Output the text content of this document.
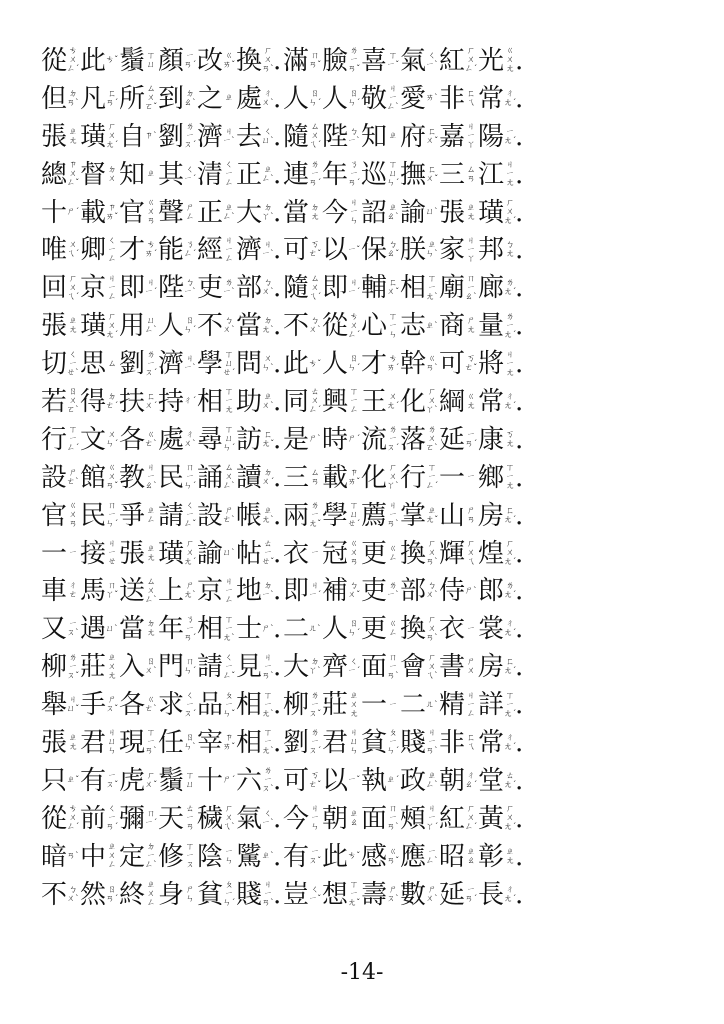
從 ㄘ
ㄨ
ㄥˊ 此 ㄘˇ 鬚 ㄒ
ㄩ 顏 ㄧ
ㄢˊ 改 ㄍ
ㄞˇ 換 ㄏ
ㄨ
ㄢˋ
. 滿 ㄇ
ㄢˇ 臉 ㄌ
ㄧ
ㄢˇ 喜 ㄒ
ㄧˇ 氣 ㄑ
ㄧˋ 紅 ㄏ
ㄨ
ㄥˊ 光 ㄍ
ㄨ
ㄤ .
但 ㄉ
ㄢˋ 凡 ㄈ
ㄢˊ 所 ㄙ
ㄨ
ㄛˇ 到 ㄉ
ㄠˋ 之 ㄓ 處 ㄔ
ㄨˋ
. 人 ㄖ
ㄣˊ 人 ㄖ
ㄣˊ 敬 ㄐ
ㄧ
ㄥˋ 愛 ㄞˋ 非 ㄈ
ㄟ 常 ㄔ
ㄤˊ
.
張 ㄓ
ㄤ 璜 ㄏ
ㄨ
ㄤˊ 自 ㄗˋ 劉 ㄌ
ㄧ
ㄡˊ 濟 ㄐ
ㄧˋ 去 ㄑ
ㄩˋ
. 隨 ㄙ
ㄨ
ㄟˊ 陛 ㄅ
ㄧˋ 知 ㄓ 府 ㄈ
ㄨˇ 嘉 ㄐ
ㄧ
ㄚ 陽 ㄧ
ㄤˊ
.
總 ㄗ
ㄨ
ㄥˇ 督 ㄉ
ㄨ 知 ㄓ 其 ㄑ
ㄧˊ 清 ㄑ
ㄧ
ㄥ 正 ㄓ
ㄥˋ
. 連 ㄌ
ㄧ
ㄢˊ 年 ㄋ
ㄧ
ㄢˊ 巡 ㄒ
ㄩ
ㄣˊ 撫 ㄈ
ㄨˇ 三 ㄙ
ㄢ 江 ㄐ
ㄧ
ㄤ .
十 ㄕˊ 載 ㄗ
ㄞˇ 官 ㄍ
ㄨ
ㄢ 聲 ㄕ
ㄥ 正 ㄓ
ㄥˋ 大 ㄉ
ㄚˋ
. 當 ㄉ
ㄤ 今 ㄐ
ㄧ
ㄣ 詔 ㄓ
ㄠˋ 諭 ㄩˋ 張 ㄓ
ㄤ 璜 ㄏ
ㄨ
ㄤˊ
.
唯 ㄨ
ㄟˊ 卿 ㄑ
ㄧ
ㄥ 才 ㄘ
ㄞˊ 能 ㄋ
ㄥˊ 經 ㄐ
ㄧ
ㄥ 濟 ㄐ
ㄧˋ
. 可 ㄎ
ㄜˇ 以 ㄧˇ 保 ㄅ
ㄠˇ 朕 ㄓ
ㄣˋ 家 ㄐ
ㄧ
ㄚ 邦 ㄅ
ㄤ .
回 ㄏ
ㄨ
ㄟˊ 京 ㄐ
ㄧ
ㄥ 即 ㄐ
ㄧˊ 陛 ㄅ
ㄧˋ 吏 ㄌ
ㄧˋ 部 ㄅ
ㄨˋ
. 隨 ㄙ
ㄨ
ㄟˊ 即 ㄐ
ㄧˊ 輔 ㄈ
ㄨˇ 相 ㄒ
ㄧ
ㄤˋ 廟 ㄇ
ㄧ
ㄠˋ 廊 ㄌ
ㄤˊ
.
張 ㄓ
ㄤ 璜 ㄏ
ㄨ
ㄤˊ 用 ㄩ
ㄥˋ 人 ㄖ
ㄣˊ 不 ㄅ
ㄨˋ 當 ㄉ
ㄤˋ
. 不 ㄅ
ㄨˋ 從 ㄘ
ㄨ
ㄥˊ 心 ㄒ
ㄧ
ㄣ 志 ㄓˋ 商 ㄕ
ㄤ 量 ㄌ
ㄧ
ㄤˊ
.
切 ㄑ
ㄧ
ㄝˋ 思 ㄙ 劉 ㄌ
ㄧ
ㄡˊ 濟 ㄐ
ㄧˋ 學 ㄒ
ㄩ
ㄝˊ 問 ㄨ
ㄣˋ
. 此 ㄘˇ 人 ㄖ
ㄣˊ 才 ㄘ
ㄞˊ 幹 ㄍ
ㄢˋ 可 ㄎ
ㄜˇ 將 ㄐ
ㄧ
ㄤ .
若 ㄖ
ㄨ
ㄛˋ 得 ㄉ
ㄜˊ 扶 ㄈ
ㄨˊ 持 ㄔˊ 相 ㄒ
ㄧ
ㄤ 助 ㄓ
ㄨˋ
. 同 ㄊ
ㄨ
ㄥˊ 興 ㄒ
ㄧ
ㄥ 王 ㄨ
ㄤˊ 化 ㄏ
ㄨ
ㄚˋ 綱 ㄍ
ㄤ 常 ㄔ
ㄤˊ
.
行 ㄒ
ㄧ
ㄥˊ 文 ㄨ
ㄣˊ 各 ㄍ
ㄜˋ 處 ㄔ
ㄨˋ 尋 ㄒ
ㄩ
ㄣˊ 訪 ㄈ
ㄤˇ
. 是 ㄕˋ 時 ㄕˊ 流 ㄌ
ㄧ
ㄡˊ 落 ㄌ
ㄨ
ㄛˋ 延 ㄧ
ㄢˊ 康 ㄎ
ㄤ .
設 ㄕ
ㄜˋ 館 ㄍ
ㄨ
ㄢˇ 教 ㄐ
ㄧ
ㄠˋ 民 ㄇ
ㄧ
ㄣˊ 誦 ㄙ
ㄨ
ㄥˋ 讀 ㄉ
ㄨˊ
. 三 ㄙ
ㄢ 載 ㄗ
ㄞˇ 化 ㄏ
ㄨ
ㄚˋ 行 ㄒ
ㄧ
ㄥˊ 一 ㄧ 鄉 ㄒ
ㄧ
ㄤ .
官 ㄍ
ㄨ
ㄢ 民 ㄇ
ㄧ
ㄣˊ 爭 ㄓ
ㄥ 請 ㄑ
ㄧ
ㄥˇ 設 ㄕ
ㄜˋ 帳 ㄓ
ㄤˋ
. 兩 ㄌ
ㄧ
ㄤˇ 學 ㄒ
ㄩ
ㄝˊ 薦 ㄐ
ㄧ
ㄢˋ 掌 ㄓ
ㄤˇ 山 ㄕ
ㄢ 房 ㄈ
ㄤˊ
.
一 ㄧ 接 ㄐ
ㄧ
ㄝ 張 ㄓ
ㄤ 璜 ㄏ
ㄨ
ㄤˊ 諭 ㄩˋ 帖 ㄊ
ㄧ
ㄝˇ
. 衣 ㄧ 冠 ㄍ
ㄨ
ㄢ 更 ㄍ
ㄥ 換 ㄏ
ㄨ
ㄢˋ 輝 ㄏ
ㄨ
ㄟ 煌 ㄏ
ㄨ
ㄤˊ
.
車 ㄔ
ㄜ 馬 ㄇ
ㄚˇ 送 ㄙ
ㄨ
ㄥˋ 上 ㄕ
ㄤˋ 京 ㄐ
ㄧ
ㄥ 地 ㄉ
ㄧˋ
. 即 ㄐ
ㄧˊ 補 ㄅ
ㄨˇ 吏 ㄌ
ㄧˋ 部 ㄅ
ㄨˋ 侍 ㄕˋ 郎 ㄌ
ㄤˊ
.
又 ㄧ
ㄡˋ 遇 ㄩˋ 當 ㄉ
ㄤ 年 ㄋ
ㄧ
ㄢˊ 相 ㄒ
ㄧ
ㄤˋ 士 ㄕˋ
. 二 ㄦˋ 人 ㄖ
ㄣˊ 更 ㄍ
ㄥ 換 ㄏ
ㄨ
ㄢˋ 衣 ㄧ 裳 ㄔ
ㄤˊ
.
柳 ㄌ
ㄧ
ㄡˇ 莊 ㄓ
ㄨ
ㄤ 入 ㄖ
ㄨˋ 門 ㄇ
ㄣˊ 請 ㄑ
ㄧ
ㄥˇ 見 ㄐ
ㄧ
ㄢˋ
. 大 ㄉ
ㄚˋ 齊 ㄑ
ㄧˊ 面 ㄇ
ㄧ
ㄢˋ 會 ㄏ
ㄨ
ㄟˋ 書 ㄕ
ㄨ 房 ㄈ
ㄤˊ
.
舉 ㄐ
ㄩˇ 手 ㄕ
ㄡˇ 各 ㄍ
ㄜˋ 求 ㄑ
ㄧ
ㄡˊ 品 ㄆ
ㄧ
ㄣˇ 相 ㄒ
ㄧ
ㄤˋ
. 柳 ㄌ
ㄧ
ㄡˇ 莊 ㄓ
ㄨ
ㄤ 一 ㄧ 二 ㄦˋ 精 ㄐ
ㄧ
ㄥ 詳 ㄒ
ㄧ
ㄤˊ
.
張 ㄓ
ㄤ 君 ㄐ
ㄩ
ㄣ 現 ㄒ
ㄧ
ㄢˋ 任 ㄖ
ㄣˋ 宰 ㄗ
ㄞˇ 相 ㄒ
ㄧ
ㄤˋ
. 劉 ㄌ
ㄧ
ㄡˊ 君 ㄐ
ㄩ
ㄣ 貧 ㄆ
ㄧ
ㄣˊ 賤 ㄐ
ㄧ
ㄢˋ 非 ㄈ
ㄟ 常 ㄔ
ㄤˊ
.
只 ㄓˇ 有 ㄧ
ㄡˇ 虎 ㄏ
ㄨˇ 鬚 ㄒ
ㄩ 十 ㄕˊ 六 ㄌ
ㄧ
ㄡˋ
. 可 ㄎ
ㄜˇ 以 ㄧˇ 執 ㄓˊ 政 ㄓ
ㄥˋ 朝 ㄔ
ㄠˊ 堂 ㄊ
ㄤˊ
.
從 ㄘ
ㄨ
ㄥˊ 前 ㄑ
ㄧ
ㄢˊ 彌 ㄇ
ㄧˊ 天 ㄊ
ㄧ
ㄢ 穢 ㄏ
ㄨ
ㄟˋ 氣 ㄑ
ㄧˋ
. 今 ㄐ
ㄧ
ㄣ 朝 ㄓ
ㄠ 面 ㄇ
ㄧ
ㄢˋ 頰 ㄐ
ㄧ
ㄚˊ 紅 ㄏ
ㄨ
ㄥˊ 黃 ㄏ
ㄨ
ㄤˊ
.
暗 ㄢˋ 中 ㄓ
ㄨ
ㄥ 定 ㄉ
ㄧ
ㄥˋ 修 ㄒ
ㄧ
ㄡ 陰 ㄧ
ㄣ 騭 ㄓˋ
. 有 ㄧ
ㄡˇ 此 ㄘˇ 感 ㄍ
ㄢˇ 應 ㄧ
ㄥˋ 昭 ㄓ
ㄠ 彰 ㄓ
ㄤ .
不 ㄅ
ㄨˋ 然 ㄖ
ㄢˊ 終 ㄓ
ㄨ
ㄥ 身 ㄕ
ㄣ 貧 ㄆ
ㄧ
ㄣˊ 賤 ㄐ
ㄧ
ㄢˋ
. 豈 ㄑ
ㄧˇ 想 ㄒ
ㄧ
ㄤˇ 壽 ㄕ
ㄡˋ 數 ㄕ
ㄨˋ 延 ㄧ
ㄢˊ 長 ㄔ
ㄤˊ
.
-14-
